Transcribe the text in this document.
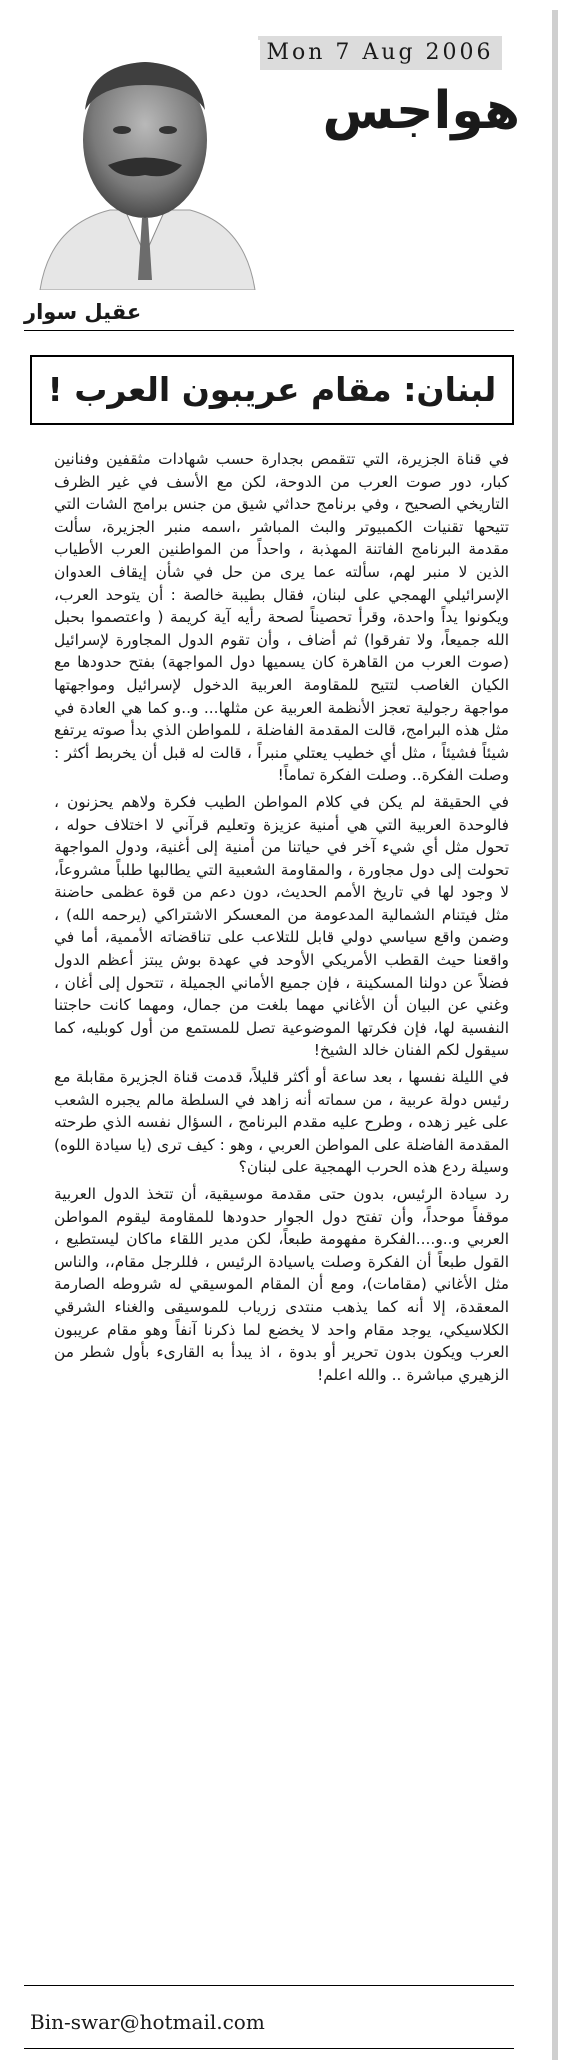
Mon 7 Aug 2006
هواجس
عقيل سوار
لبنان: مقام عريبون العرب !

في قناة الجزيرة، التي تتقمص بجدارة حسب شهادات مثقفين وفنانين كبار، دور صوت العرب من الدوحة، لكن مع الأسف في غير الظرف التاريخي الصحيح ، وفي برنامج حداثي شيق من جنس برامج الشات التي تتيحها تقنيات الكمبيوتر والبث المباشر ،اسمه منبر الجزيرة، سألت مقدمة البرنامج الفاتنة المهذبة ، واحداً من المواطنين العرب الأطياب الذين لا منبر لهم، سألته عما يرى من حل في شأن إيقاف العدوان الإسرائيلي الهمجي على لبنان، فقال بطيبة خالصة : أن يتوحد العرب، ويكونوا يداً واحدة، وقرأ تحصيناً لصحة رأيه آية كريمة ( واعتصموا بحبل الله جميعاً، ولا تفرقوا) ثم أضاف ، وأن تقوم الدول المجاورة لإسرائيل (صوت العرب من القاهرة كان يسميها دول المواجهة) بفتح حدودها مع الكيان الغاصب لتتيح للمقاومة العربية الدخول لإسرائيل ومواجهتها مواجهة رجولية تعجز الأنظمة العربية عن مثلها... و..و كما هي العادة في مثل هذه البرامج، قالت المقدمة الفاضلة ، للمواطن الذي بدأ صوته يرتفع شيئاً فشيئاً ، مثل أي خطيب يعتلي منبراً ، قالت له قبل أن يخربط أكثر : وصلت الفكرة.. وصلت الفكرة تماماً!

في الحقيقة لم يكن في كلام المواطن الطيب فكرة ولاهم يحزنون ، فالوحدة العربية التي هي أمنية عزيزة وتعليم قرآني لا اختلاف حوله ، تحول مثل أي شيء آخر في حياتنا من أمنية إلى أغنية، ودول المواجهة تحولت إلى دول مجاورة ، والمقاومة الشعبية التي يطالبها طلباً مشروعاً، لا وجود لها في تاريخ الأمم الحديث، دون دعم من قوة عظمى حاضنة مثل فيتنام الشمالية المدعومة من المعسكر الاشتراكي (يرحمه الله) ، وضمن واقع سياسي دولي قابل للتلاعب على تناقضاته الأممية، أما في واقعنا حيث القطب الأمريكي الأوحد في عهدة بوش يبتز أعظم الدول فضلاً عن دولنا المسكينة ، فإن جميع الأماني الجميلة ، تتحول إلى أغان ، وغني عن البيان أن الأغاني مهما بلغت من جمال، ومهما كانت حاجتنا النفسية لها، فإن فكرتها الموضوعية تصل للمستمع من أول كوبليه، كما سيقول لكم الفنان خالد الشيخ!

في الليلة نفسها ، بعد ساعة أو أكثر قليلاً، قدمت قناة الجزيرة مقابلة مع رئيس دولة عربية ، من سماته أنه زاهد في السلطة مالم يجبره الشعب على غير زهده ، وطرح عليه مقدم البرنامج ، السؤال نفسه الذي طرحته المقدمة الفاضلة على المواطن العربي ، وهو : كيف ترى (يا سيادة اللوه) وسيلة ردع هذه الحرب الهمجية على لبنان؟

رد سيادة الرئيس، بدون حتى مقدمة موسيقية، أن تتخذ الدول العربية موقفاً موحداً، وأن تفتح دول الجوار حدودها للمقاومة ليقوم المواطن العربي و..و....الفكرة مفهومة طبعاً، لكن مدير اللقاء ماكان ليستطيع ، القول طبعاً أن الفكرة وصلت ياسيادة الرئيس ، فللرجل مقام،، والناس مثل الأغاني (مقامات)، ومع أن المقام الموسيقي له شروطه الصارمة المعقدة، إلا أنه كما يذهب منتدى زرياب للموسيقى والغناء الشرقي الكلاسيكي، يوجد مقام واحد لا يخضع لما ذكرنا آنفاً وهو مقام عريبون العرب ويكون بدون تحرير أو بدوة ، اذ يبدأ به القارىء بأول شطر من الزهيري مباشرة .. والله اعلم!

Bin-swar@hotmail.com
